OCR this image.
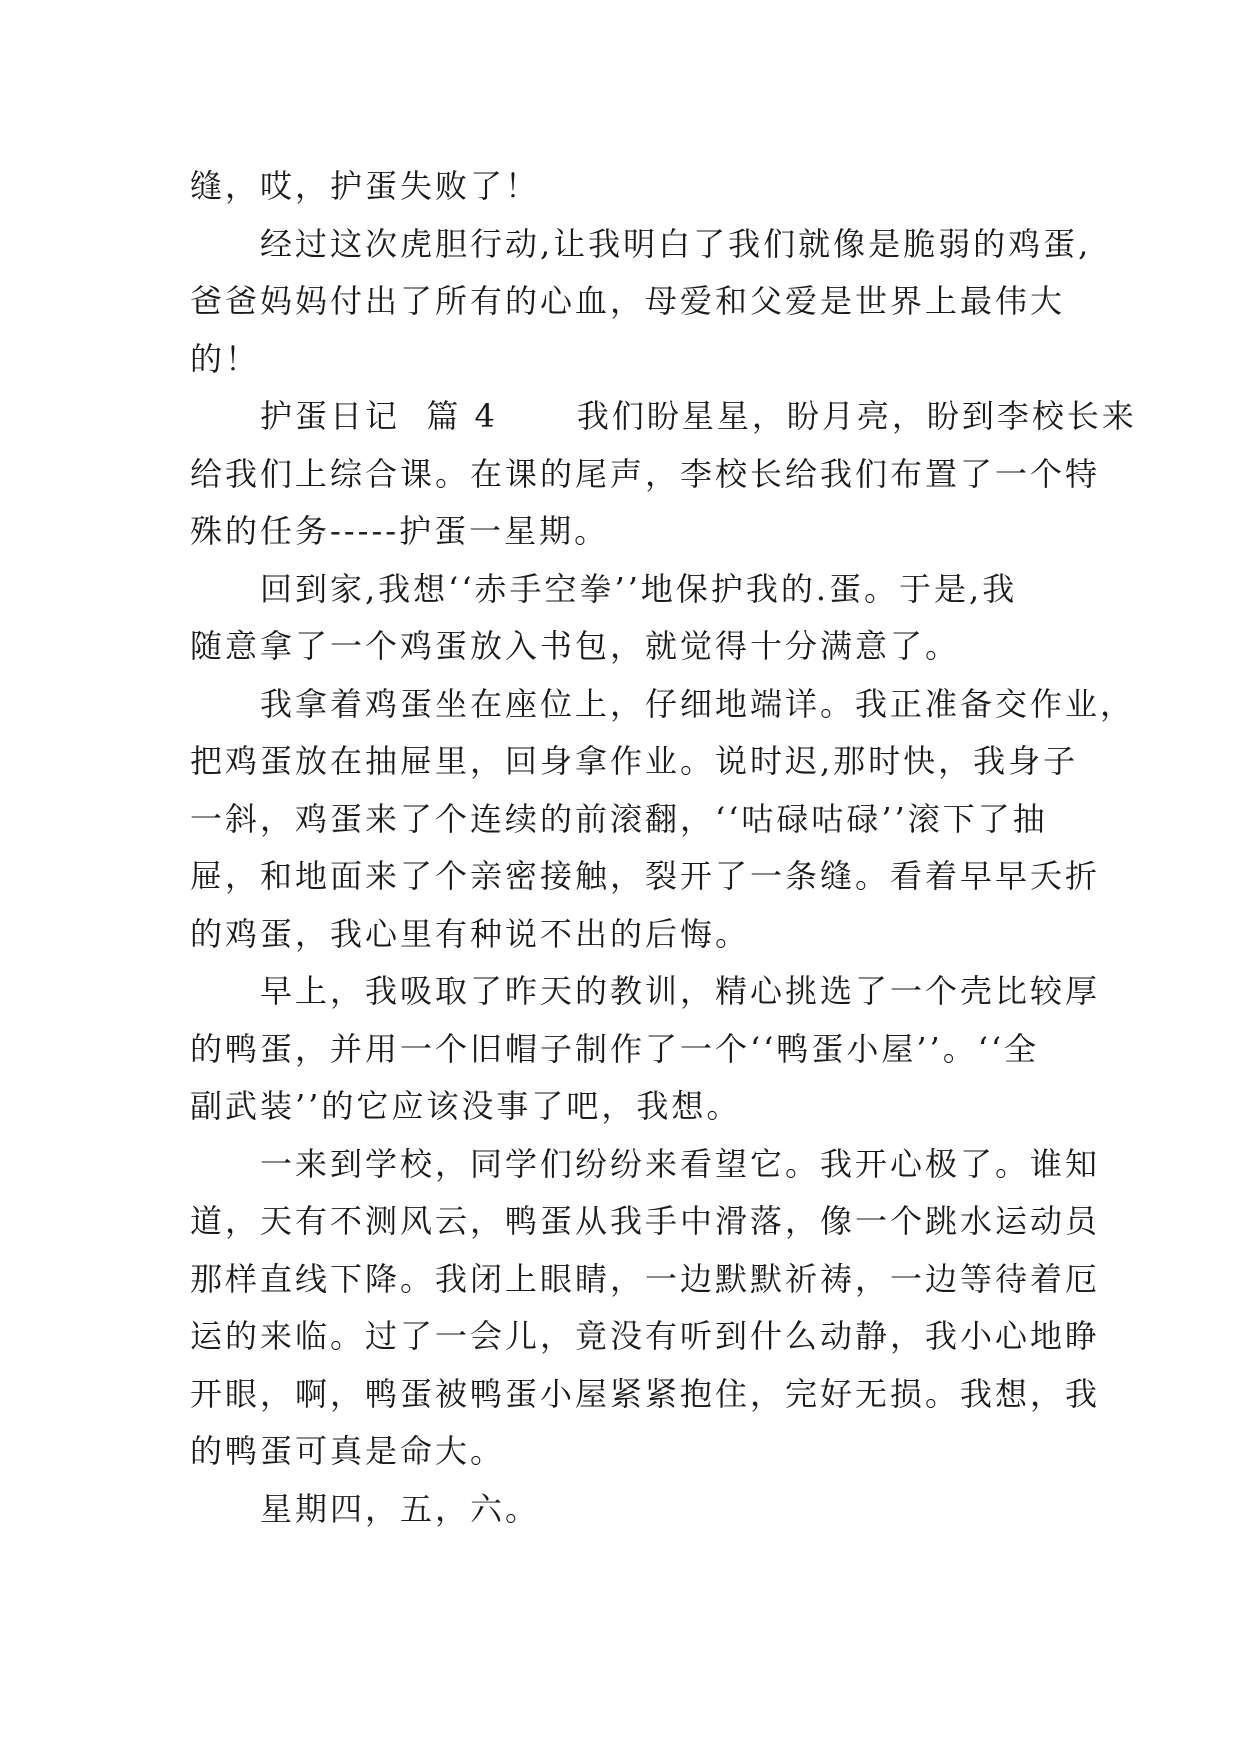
缝，哎，护蛋失败了！
经过这次虎胆行动,让我明白了我们就像是脆弱的鸡蛋,
爸爸妈妈付出了所有的心血，母爱和父爱是世界上最伟大
的！
护蛋日记  篇 4      我们盼星星，盼月亮，盼到李校长来
给我们上综合课。在课的尾声，李校长给我们布置了一个特
殊的任务-----护蛋一星期。
回到家,我想‘‘赤手空拳’’地保护我的.蛋。于是,我
随意拿了一个鸡蛋放入书包，就觉得十分满意了。
我拿着鸡蛋坐在座位上，仔细地端详。我正准备交作业，
把鸡蛋放在抽屉里，回身拿作业。说时迟,那时快，我身子
一斜，鸡蛋来了个连续的前滚翻，‘‘咕碌咕碌’’滚下了抽
屉，和地面来了个亲密接触，裂开了一条缝。看着早早夭折
的鸡蛋，我心里有种说不出的后悔。
早上，我吸取了昨天的教训，精心挑选了一个壳比较厚
的鸭蛋，并用一个旧帽子制作了一个‘‘鸭蛋小屋’’。‘‘全
副武装’’的它应该没事了吧，我想。
一来到学校，同学们纷纷来看望它。我开心极了。谁知
道，天有不测风云，鸭蛋从我手中滑落，像一个跳水运动员
那样直线下降。我闭上眼睛，一边默默祈祷，一边等待着厄
运的来临。过了一会儿，竟没有听到什么动静，我小心地睁
开眼，啊，鸭蛋被鸭蛋小屋紧紧抱住，完好无损。我想，我
的鸭蛋可真是命大。
星期四，五，六。
